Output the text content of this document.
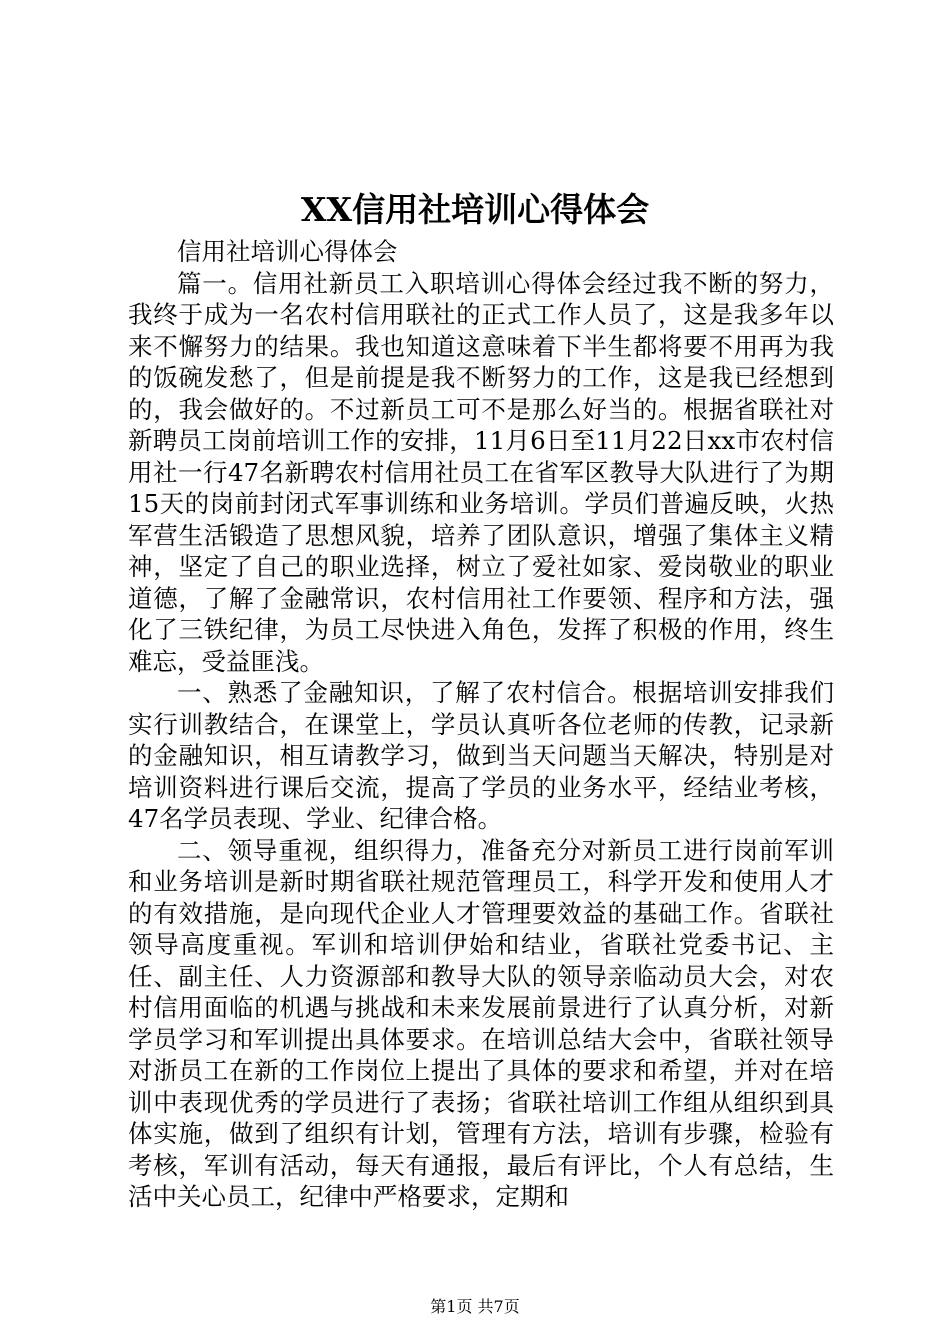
XX信用社培训心得体会

信用社培训心得体会

篇一。信用社新员工入职培训心得体会经过我不断的努力，我终于成为一名农村信用联社的正式工作人员了，这是我多年以来不懈努力的结果。我也知道这意味着下半生都将要不用再为我的饭碗发愁了，但是前提是我不断努力的工作，这是我已经想到的，我会做好的。不过新员工可不是那么好当的。根据省联社对新聘员工岗前培训工作的安排，11月6日至11月22日xx市农村信用社一行47名新聘农村信用社员工在省军区教导大队进行了为期15天的岗前封闭式军事训练和业务培训。学员们普遍反映，火热军营生活锻造了思想风貌，培养了团队意识，增强了集体主义精神，坚定了自己的职业选择，树立了爱社如家、爱岗敬业的职业道德，了解了金融常识，农村信用社工作要领、程序和方法，强化了三铁纪律，为员工尽快进入角色，发挥了积极的作用，终生难忘，受益匪浅。

一、熟悉了金融知识，了解了农村信合。根据培训安排我们实行训教结合，在课堂上，学员认真听各位老师的传教，记录新的金融知识，相互请教学习，做到当天问题当天解决，特别是对培训资料进行课后交流，提高了学员的业务水平，经结业考核，47名学员表现、学业、纪律合格。

二、领导重视，组织得力，准备充分对新员工进行岗前军训和业务培训是新时期省联社规范管理员工，科学开发和使用人才的有效措施，是向现代企业人才管理要效益的基础工作。省联社领导高度重视。军训和培训伊始和结业，省联社党委书记、主任、副主任、人力资源部和教导大队的领导亲临动员大会，对农村信用面临的机遇与挑战和未来发展前景进行了认真分析，对新学员学习和军训提出具体要求。在培训总结大会中，省联社领导对浙员工在新的工作岗位上提出了具体的要求和希望，并对在培训中表现优秀的学员进行了表扬；省联社培训工作组从组织到具体实施，做到了组织有计划，管理有方法，培训有步骤，检验有考核，军训有活动，每天有通报，最后有评比，个人有总结，生活中关心员工，纪律中严格要求，定期和

第1页 共7页
